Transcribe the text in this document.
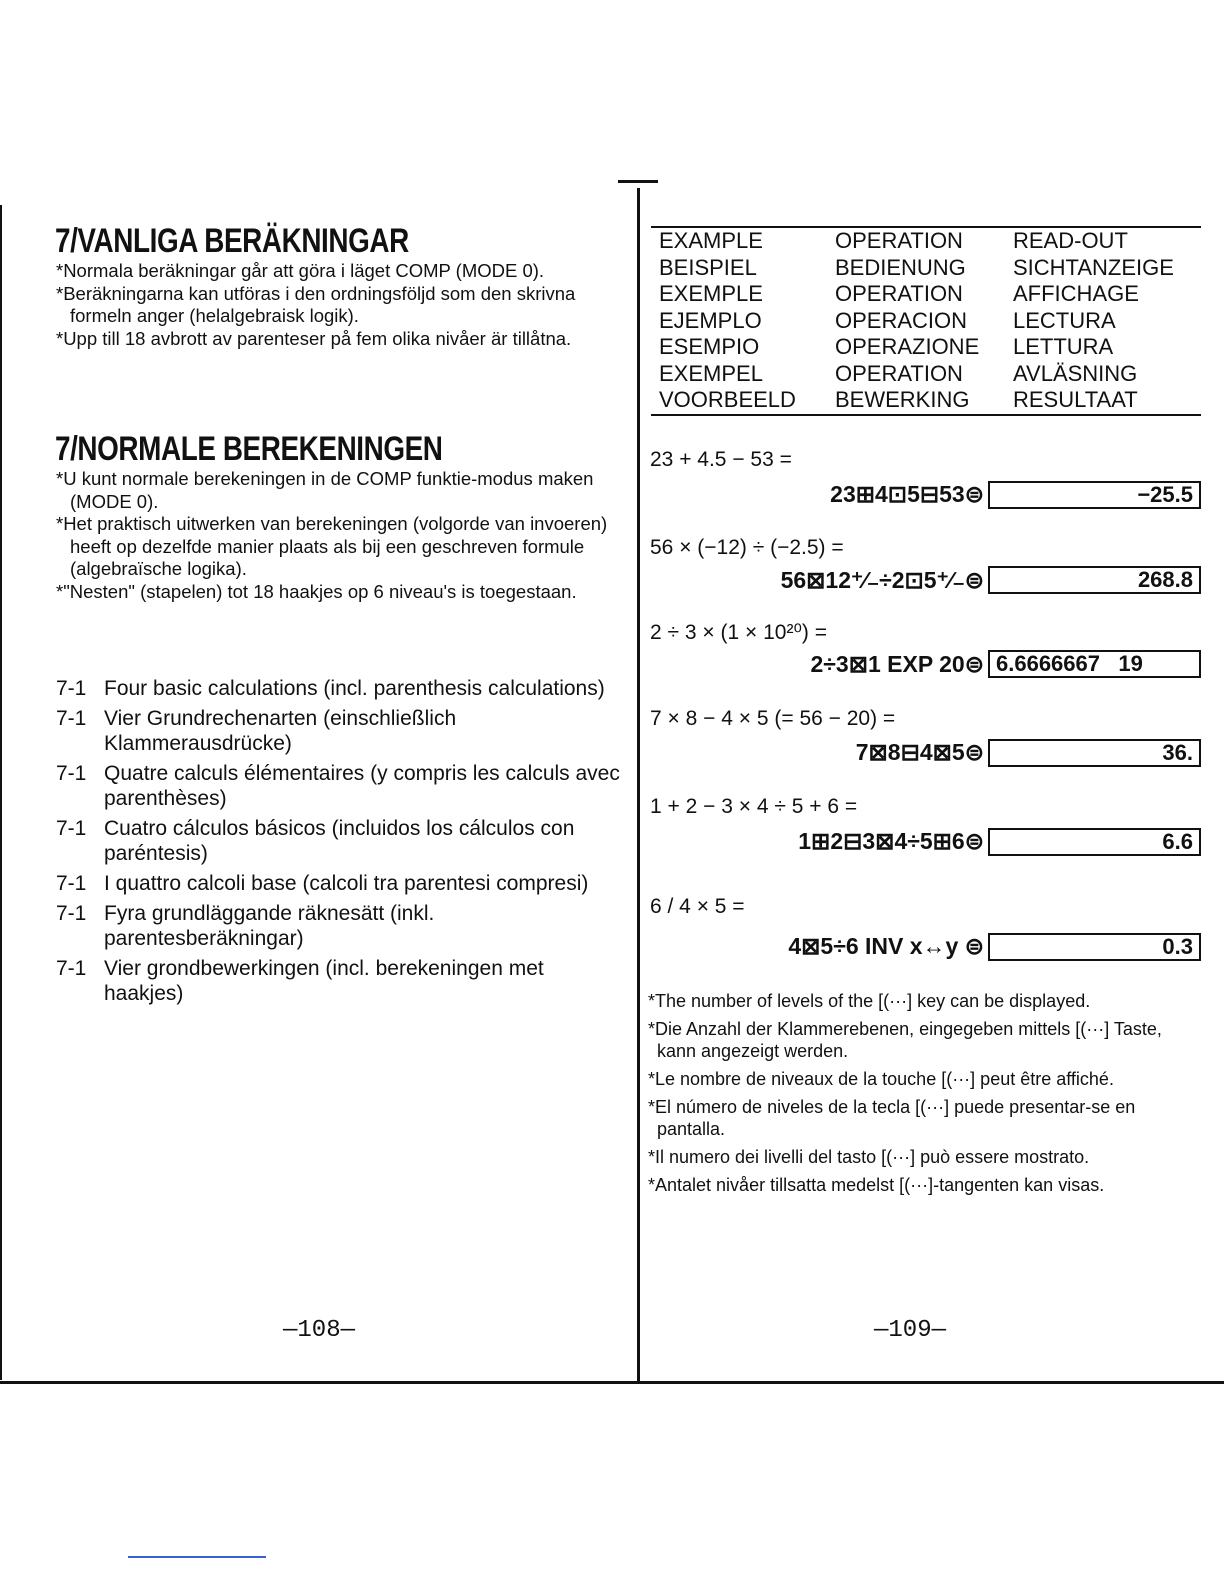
7/VANLIGA BERÄKNINGAR
*Normala beräkningar går att göra i läget COMP (MODE 0).
*Beräkningarna kan utföras i den ordningsföljd som den skrivna formeln anger (helalgebraisk logik).
*Upp till 18 avbrott av parenteser på fem olika nivåer är tillåtna.
7/NORMALE BEREKENINGEN
*U kunt normale berekeningen in de COMP funktie-modus maken (MODE 0).
*Het praktisch uitwerken van berekeningen (volgorde van invoeren) heeft op dezelfde manier plaats als bij een geschreven formule (algebraïsche logika).
*"Nesten" (stapelen) tot 18 haakjes op 6 niveau's is toegestaan.
7-1 Four basic calculations (incl. parenthesis calculations)
7-1 Vier Grundrechenarten (einschließlich Klammerausdrücke)
7-1 Quatre calculs élémentaires (y compris les calculs avec parenthèses)
7-1 Cuatro cálculos básicos (incluidos los cálculos con paréntesis)
7-1 I quattro calcoli base (calcoli tra parentesi compresi)
7-1 Fyra grundläggande räknesätt (inkl. parentesberäkningar)
7-1 Vier grondbewerkingen (incl. berekeningen met haakjes)
—108—
EXAMPLE	OPERATION	READ-OUT
BEISPIEL	BEDIENUNG	SICHTANZEIGE
EXEMPLE	OPERATION	AFFICHAGE
EJEMPLO	OPERACION	LECTURA
ESEMPIO	OPERAZIONE	LETTURA
EXEMPEL	OPERATION	AVLÄSNING
VOORBEELD	BEWERKING	RESULTAAT
23 + 4.5 − 53 =
23⊞4⊡5⊟53⊜	−25.5
56 × (−12) ÷ (−2.5) =
56⊠12⁺∕₋÷2⊡5⁺∕₋⊜	268.8
2 ÷ 3 × (1 × 10²⁰) =
2÷3⊠1 EXP 20⊜ 6.6666667   19
7 × 8 − 4 × 5 (= 56 − 20) =
7⊠8⊟4⊠5⊜	36.
1 + 2 − 3 × 4 ÷ 5 + 6 =
1⊞2⊟3⊠4÷5⊞6⊜	6.6
6 / 4 × 5 =
4⊠5÷6 INV x↔y ⊜	0.3
*The number of levels of the [(···] key can be displayed.
*Die Anzahl der Klammerebenen, eingegeben mittels [(···] Taste, kann angezeigt werden.
*Le nombre de niveaux de la touche [(···] peut être affiché.
*El número de niveles de la tecla [(···] puede presentar-se en pantalla.
*Il numero dei livelli del tasto [(···] può essere mostrato.
*Antalet nivåer tillsatta medelst [(···]-tangenten kan visas.
—109—
